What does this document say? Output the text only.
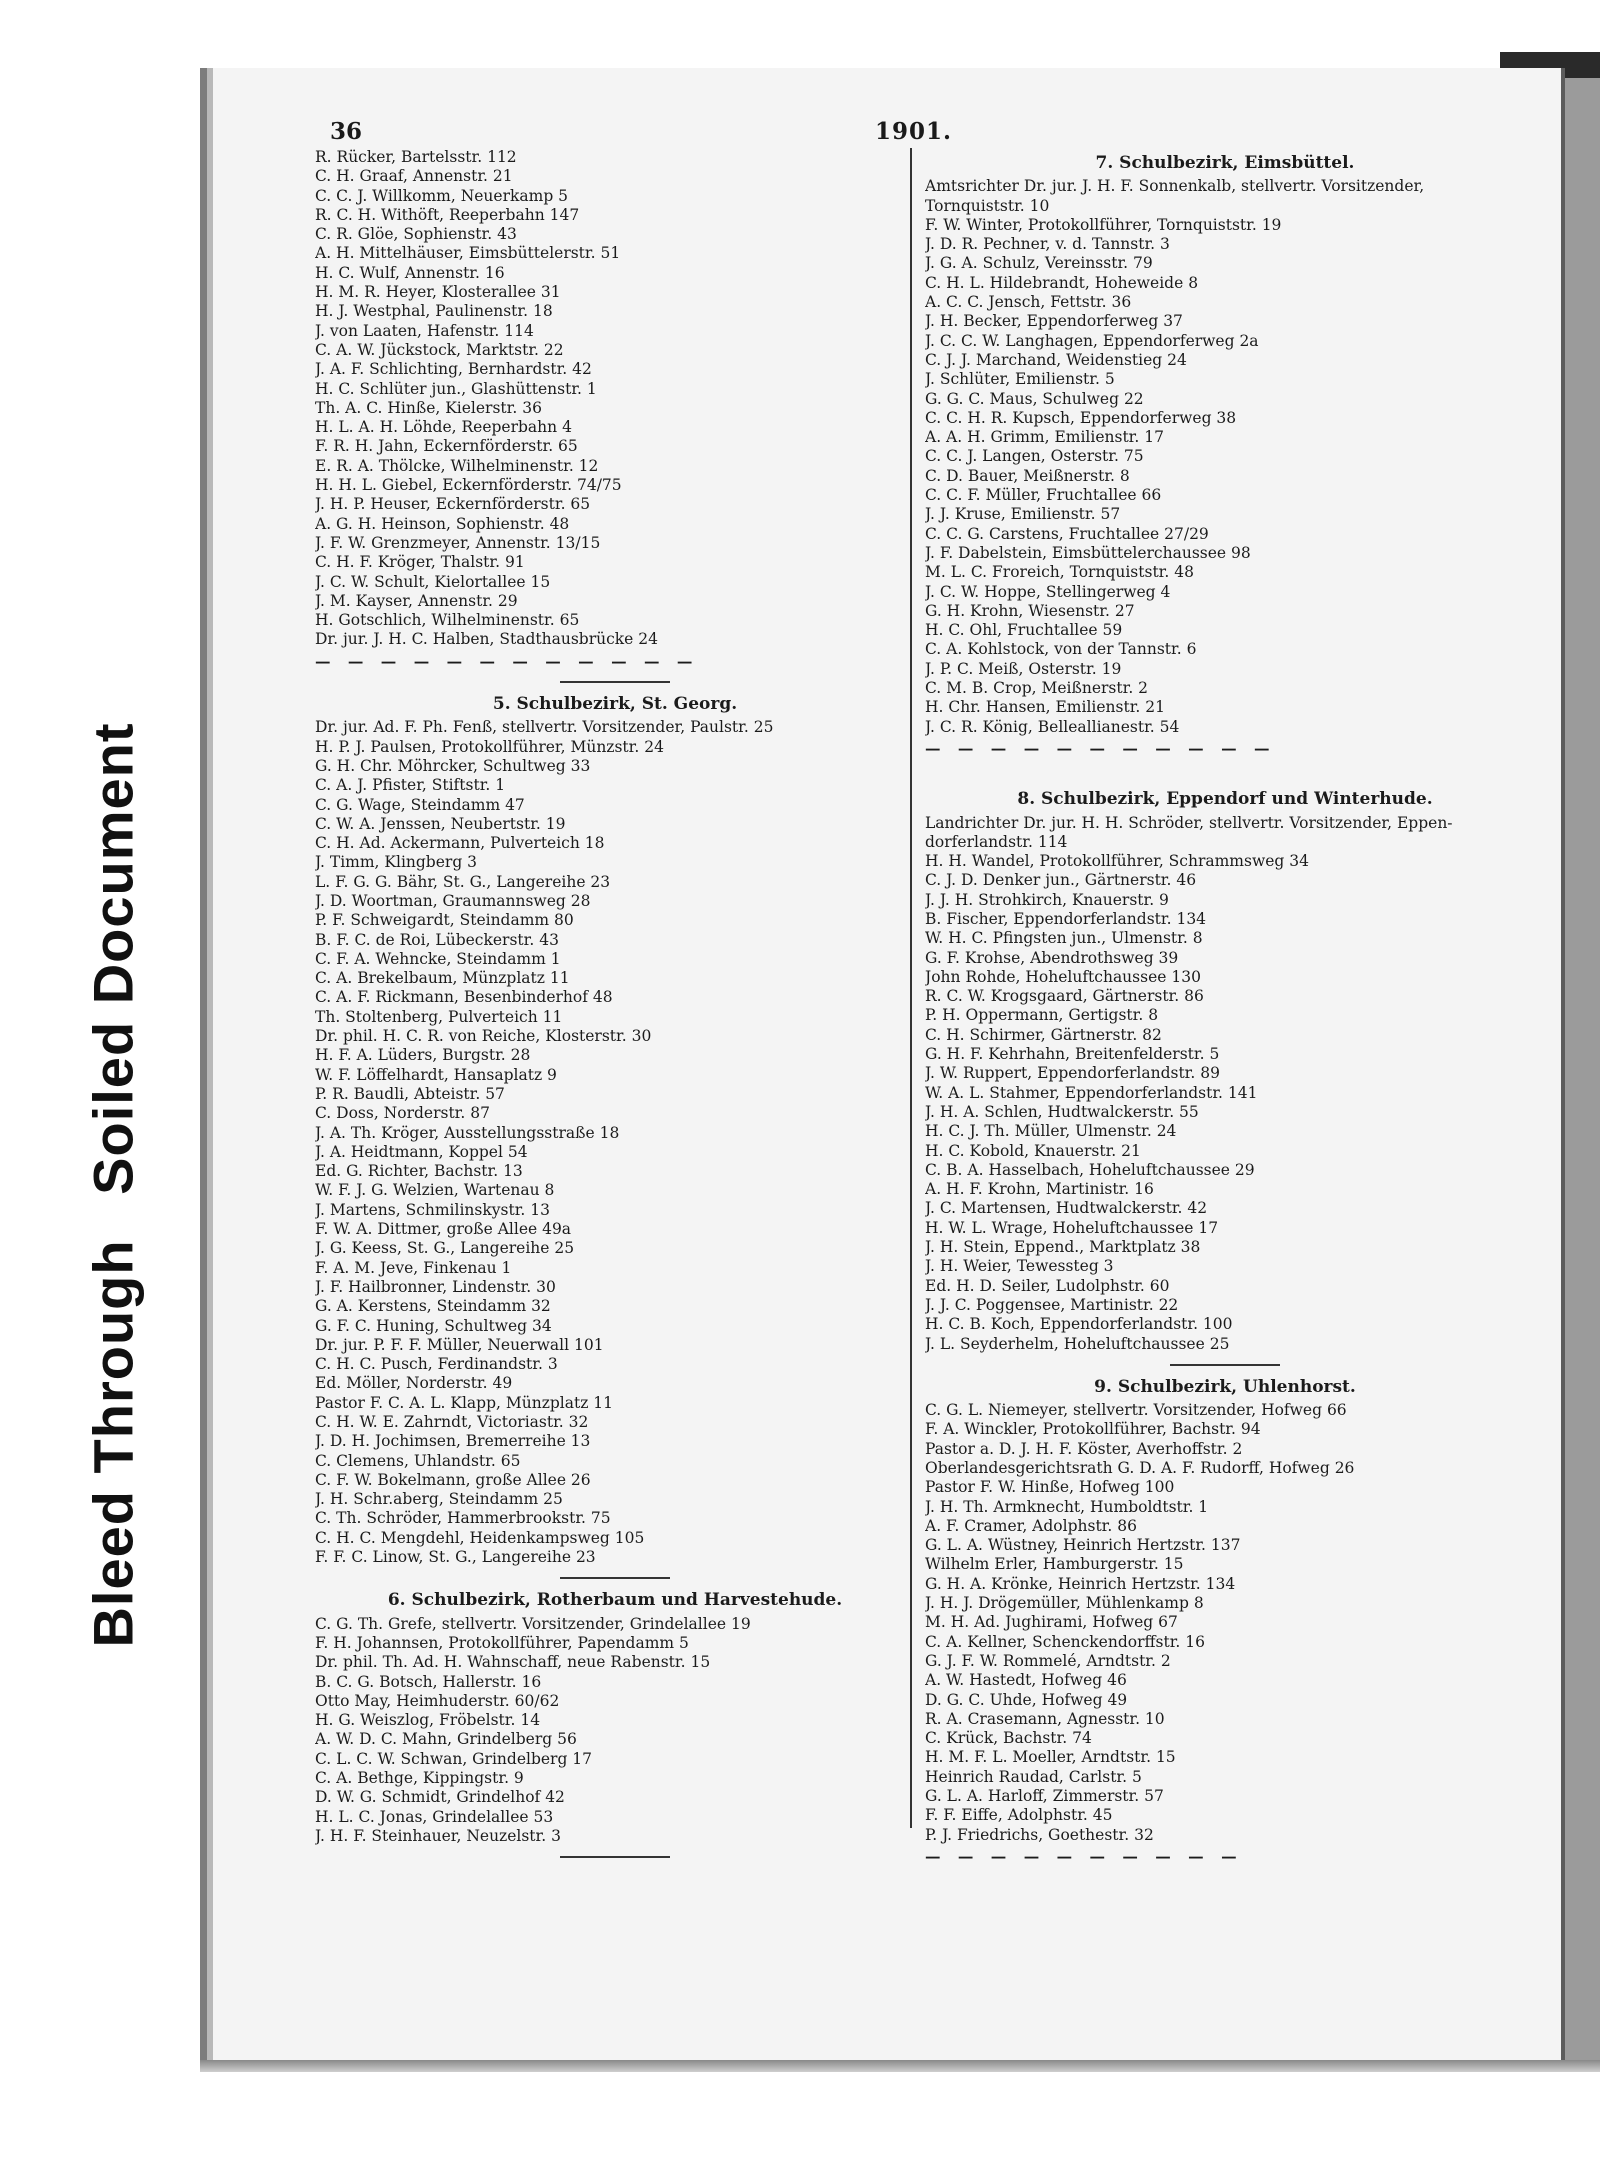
Bleed Through Soiled Document
36	1901.
R. Rücker, Bartelsstr. 112
C. H. Graaf, Annenstr. 21
C. C. J. Willkomm, Neuerkamp 5
R. C. H. Withöft, Reeperbahn 147
C. R. Glöe, Sophienstr. 43
A. H. Mittelhäuser, Eimsbüttelerstr. 51
H. C. Wulf, Annenstr. 16
H. M. R. Heyer, Klosterallee 31
H. J. Westphal, Paulinenstr. 18
J. von Laaten, Hafenstr. 114
C. A. W. Jückstock, Marktstr. 22
J. A. F. Schlichting, Bernhardstr. 42
H. C. Schlüter jun., Glashüttenstr. 1
Th. A. C. Hinße, Kielerstr. 36
H. L. A. H. Löhde, Reeperbahn 4
F. R. H. Jahn, Eckernförderstr. 65
E. R. A. Thölcke, Wilhelminenstr. 12
H. H. L. Giebel, Eckernförderstr. 74/75
J. H. P. Heuser, Eckernförderstr. 65
A. G. H. Heinson, Sophienstr. 48
J. F. W. Grenzmeyer, Annenstr. 13/15
C. H. F. Kröger, Thalstr. 91
J. C. W. Schult, Kielortallee 15
J. M. Kayser, Annenstr. 29
H. Gotschlich, Wilhelminenstr. 65
Dr. jur. J. H. C. Halben, Stadthausbrücke 24
— — — — — — — — — — — —
5. Schulbezirk, St. Georg.
Dr. jur. Ad. F. Ph. Fenß, stellvertr. Vorsitzender, Paulstr. 25
H. P. J. Paulsen, Protokollführer, Münzstr. 24
G. H. Chr. Möhrcker, Schultweg 33
C. A. J. Pfister, Stiftstr. 1
C. G. Wage, Steindamm 47
C. W. A. Jenssen, Neubertstr. 19
C. H. Ad. Ackermann, Pulverteich 18
J. Timm, Klingberg 3
L. F. G. G. Bähr, St. G., Langereihe 23
J. D. Woortman, Graumannsweg 28
P. F. Schweigardt, Steindamm 80
B. F. C. de Roi, Lübeckerstr. 43
C. F. A. Wehncke, Steindamm 1
C. A. Brekelbaum, Münzplatz 11
C. A. F. Rickmann, Besenbinderhof 48
Th. Stoltenberg, Pulverteich 11
Dr. phil. H. C. R. von Reiche, Klosterstr. 30
H. F. A. Lüders, Burgstr. 28
W. F. Löffelhardt, Hansaplatz 9
P. R. Baudli, Abteistr. 57
C. Doss, Norderstr. 87
J. A. Th. Kröger, Ausstellungsstraße 18
J. A. Heidtmann, Koppel 54
Ed. G. Richter, Bachstr. 13
W. F. J. G. Welzien, Wartenau 8
J. Martens, Schmilinskystr. 13
F. W. A. Dittmer, große Allee 49a
J. G. Keess, St. G., Langereihe 25
F. A. M. Jeve, Finkenau 1
J. F. Hailbronner, Lindenstr. 30
G. A. Kerstens, Steindamm 32
G. F. C. Huning, Schultweg 34
Dr. jur. P. F. F. Müller, Neuerwall 101
C. H. C. Pusch, Ferdinandstr. 3
Ed. Möller, Norderstr. 49
Pastor F. C. A. L. Klapp, Münzplatz 11
C. H. W. E. Zahrndt, Victoriastr. 32
J. D. H. Jochimsen, Bremerreihe 13
C. Clemens, Uhlandstr. 65
C. F. W. Bokelmann, große Allee 26
J. H. Schr.aberg, Steindamm 25
C. Th. Schröder, Hammerbrookstr. 75
C. H. C. Mengdehl, Heidenkampsweg 105
F. F. C. Linow, St. G., Langereihe 23
6. Schulbezirk, Rotherbaum und Harvestehude.
C. G. Th. Grefe, stellvertr. Vorsitzender, Grindelallee 19
F. H. Johannsen, Protokollführer, Papendamm 5
Dr. phil. Th. Ad. H. Wahnschaff, neue Rabenstr. 15
B. C. G. Botsch, Hallerstr. 16
Otto May, Heimhuderstr. 60/62
H. G. Weiszlog, Fröbelstr. 14
A. W. D. C. Mahn, Grindelberg 56
C. L. C. W. Schwan, Grindelberg 17
C. A. Bethge, Kippingstr. 9
D. W. G. Schmidt, Grindelhof 42
H. L. C. Jonas, Grindelallee 53
J. H. F. Steinhauer, Neuzelstr. 3
7. Schulbezirk, Eimsbüttel.
Amtsrichter Dr. jur. J. H. F. Sonnenkalb, stellvertr. Vorsitzender,
Tornquiststr. 10
F. W. Winter, Protokollführer, Tornquiststr. 19
J. D. R. Pechner, v. d. Tannstr. 3
J. G. A. Schulz, Vereinsstr. 79
C. H. L. Hildebrandt, Hoheweide 8
A. C. C. Jensch, Fettstr. 36
J. H. Becker, Eppendorferweg 37
J. C. C. W. Langhagen, Eppendorferweg 2a
C. J. J. Marchand, Weidenstieg 24
J. Schlüter, Emilienstr. 5
G. G. C. Maus, Schulweg 22
C. C. H. R. Kupsch, Eppendorferweg 38
A. A. H. Grimm, Emilienstr. 17
C. C. J. Langen, Osterstr. 75
C. D. Bauer, Meißnerstr. 8
C. C. F. Müller, Fruchtallee 66
J. J. Kruse, Emilienstr. 57
C. C. G. Carstens, Fruchtallee 27/29
J. F. Dabelstein, Eimsbüttelerchaussee 98
M. L. C. Froreich, Tornquiststr. 48
J. C. W. Hoppe, Stellingerweg 4
G. H. Krohn, Wiesenstr. 27
H. C. Ohl, Fruchtallee 59
C. A. Kohlstock, von der Tannstr. 6
J. P. C. Meiß, Osterstr. 19
C. M. B. Crop, Meißnerstr. 2
H. Chr. Hansen, Emilienstr. 21
J. C. R. König, Belleallianestr. 54
— — — — — — — — — — —
8. Schulbezirk, Eppendorf und Winterhude.
Landrichter Dr. jur. H. H. Schröder, stellvertr. Vorsitzender, Eppen-
dorferlandstr. 114
H. H. Wandel, Protokollführer, Schrammsweg 34
C. J. D. Denker jun., Gärtnerstr. 46
J. J. H. Strohkirch, Knauerstr. 9
B. Fischer, Eppendorferlandstr. 134
W. H. C. Pfingsten jun., Ulmenstr. 8
G. F. Krohse, Abendrothsweg 39
John Rohde, Hoheluftchaussee 130
R. C. W. Krogsgaard, Gärtnerstr. 86
P. H. Oppermann, Gertigstr. 8
C. H. Schirmer, Gärtnerstr. 82
G. H. F. Kehrhahn, Breitenfelderstr. 5
J. W. Ruppert, Eppendorferlandstr. 89
W. A. L. Stahmer, Eppendorferlandstr. 141
J. H. A. Schlen, Hudtwalckerstr. 55
H. C. J. Th. Müller, Ulmenstr. 24
H. C. Kobold, Knauerstr. 21
C. B. A. Hasselbach, Hoheluftchaussee 29
A. H. F. Krohn, Martinistr. 16
J. C. Martensen, Hudtwalckerstr. 42
H. W. L. Wrage, Hoheluftchaussee 17
J. H. Stein, Eppend., Marktplatz 38
J. H. Weier, Tewessteg 3
Ed. H. D. Seiler, Ludolphstr. 60
J. J. C. Poggensee, Martinistr. 22
H. C. B. Koch, Eppendorferlandstr. 100
J. L. Seyderhelm, Hoheluftchaussee 25
9. Schulbezirk, Uhlenhorst.
C. G. L. Niemeyer, stellvertr. Vorsitzender, Hofweg 66
F. A. Winckler, Protokollführer, Bachstr. 94
Pastor a. D. J. H. F. Köster, Averhoffstr. 2
Oberlandesgerichtsrath G. D. A. F. Rudorff, Hofweg 26
Pastor F. W. Hinße, Hofweg 100
J. H. Th. Armknecht, Humboldtstr. 1
A. F. Cramer, Adolphstr. 86
G. L. A. Wüstney, Heinrich Hertzstr. 137
Wilhelm Erler, Hamburgerstr. 15
G. H. A. Krönke, Heinrich Hertzstr. 134
J. H. J. Drögemüller, Mühlenkamp 8
M. H. Ad. Jughirami, Hofweg 67
C. A. Kellner, Schenckendorffstr. 16
G. J. F. W. Rommelé, Arndtstr. 2
A. W. Hastedt, Hofweg 46
D. G. C. Uhde, Hofweg 49
R. A. Crasemann, Agnesstr. 10
C. Krück, Bachstr. 74
H. M. F. L. Moeller, Arndtstr. 15
Heinrich Raudad, Carlstr. 5
G. L. A. Harloff, Zimmerstr. 57
F. F. Eiffe, Adolphstr. 45
P. J. Friedrichs, Goethestr. 32
— — — — — — — — — —
